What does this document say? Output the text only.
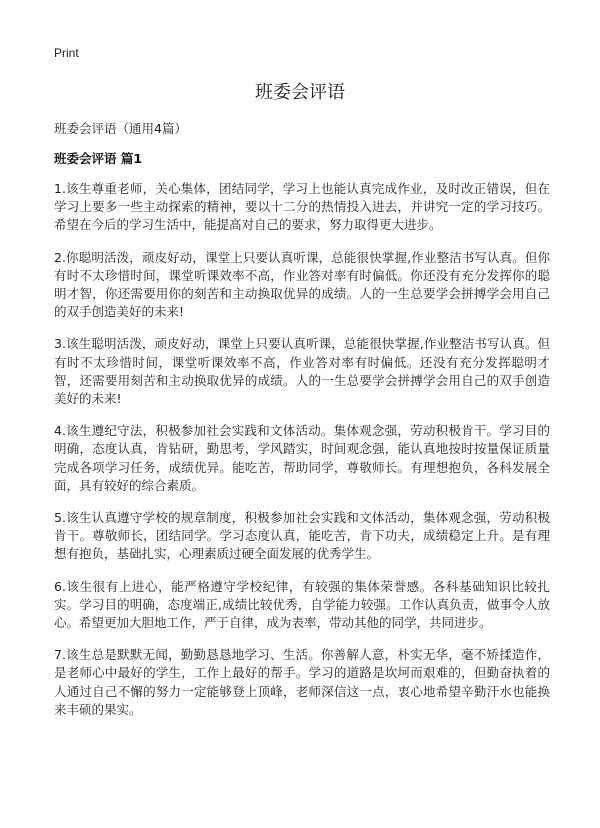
Print
班委会评语
班委会评语（通用4篇）
班委会评语 篇1

1.该生尊重老师，关心集体，团结同学，学习上也能认真完成作业，及时改正错误，但在学习上要多一些主动探索的精神，要以十二分的热情投入进去，并讲究一定的学习技巧。希望在今后的学习生活中，能提高对自己的要求，努力取得更大进步。

2.你聪明活泼，顽皮好动，课堂上只要认真听课，总能很快掌握,作业整洁书写认真。但你有时不太珍惜时间，课堂听课效率不高，作业答对率有时偏低。你还没有充分发挥你的聪明才智，你还需要用你的刻苦和主动换取优异的成绩。人的一生总要学会拼搏学会用自己的双手创造美好的未来!

3.该生聪明活泼，顽皮好动，课堂上只要认真听课，总能很快掌握,作业整洁书写认真。但有时不太珍惜时间，课堂听课效率不高，作业答对率有时偏低。还没有充分发挥聪明才智，还需要用刻苦和主动换取优异的成绩。人的一生总要学会拼搏学会用自己的双手创造美好的未来!

4.该生遵纪守法，积极参加社会实践和文体活动。集体观念强，劳动积极肯干。学习目的明确，态度认真，肯钻研，勤思考，学风踏实，时间观念强，能认真地按时按量保证质量完成各项学习任务，成绩优异。能吃苦，帮助同学，尊敬师长。有理想抱负，各科发展全面，具有较好的综合素质。

5.该生认真遵守学校的规章制度，积极参加社会实践和文体活动，集体观念强，劳动积极肯干。尊敬师长，团结同学。学习态度认真，能吃苦，肯下功夫，成绩稳定上升。是有理想有抱负，基础扎实，心理素质过硬全面发展的优秀学生。

6.该生很有上进心，能严格遵守学校纪律，有较强的集体荣誉感。各科基础知识比较扎实。学习目的明确，态度端正,成绩比较优秀，自学能力较强。工作认真负责，做事令人放心。希望更加大胆地工作，严于自律，成为表率，带动其他的同学，共同进步。

7.该生总是默默无闻，勤勤恳恳地学习、生活。你善解人意，朴实无华，毫不矫揉造作，是老师心中最好的学生，工作上最好的帮手。学习的道路是坎坷而艰难的，但勤奋执着的人通过自己不懈的努力一定能够登上顶峰，老师深信这一点，衷心地希望辛勤汗水也能换来丰硕的果实。
